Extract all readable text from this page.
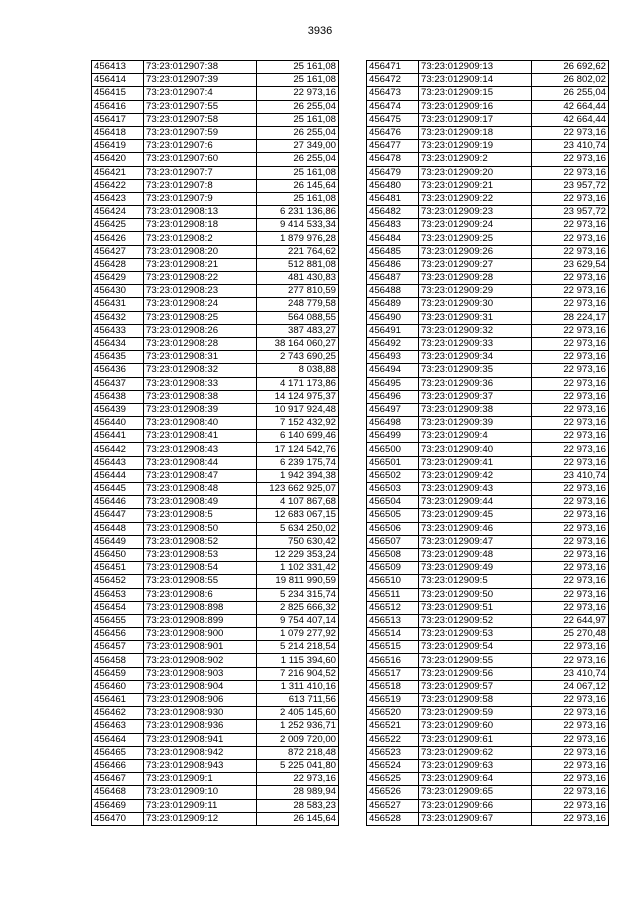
3936
456413	73:23:012907:38	25 161,08
456414	73:23:012907:39	25 161,08
456415	73:23:012907:4	22 973,16
456416	73:23:012907:55	26 255,04
456417	73:23:012907:58	25 161,08
456418	73:23:012907:59	26 255,04
456419	73:23:012907:6	27 349,00
456420	73:23:012907:60	26 255,04
456421	73:23:012907:7	25 161,08
456422	73:23:012907:8	26 145,64
456423	73:23:012907:9	25 161,08
456424	73:23:012908:13	6 231 136,86
456425	73:23:012908:18	9 414 533,34
456426	73:23:012908:2	1 879 976,28
456427	73:23:012908:20	221 764,62
456428	73:23:012908:21	512 881,08
456429	73:23:012908:22	481 430,83
456430	73:23:012908:23	277 810,59
456431	73:23:012908:24	248 779,58
456432	73:23:012908:25	564 088,55
456433	73:23:012908:26	387 483,27
456434	73:23:012908:28	38 164 060,27
456435	73:23:012908:31	2 743 690,25
456436	73:23:012908:32	8 038,88
456437	73:23:012908:33	4 171 173,86
456438	73:23:012908:38	14 124 975,37
456439	73:23:012908:39	10 917 924,48
456440	73:23:012908:40	7 152 432,92
456441	73:23:012908:41	6 140 699,46
456442	73:23:012908:43	17 124 542,76
456443	73:23:012908:44	6 239 175,74
456444	73:23:012908:47	1 942 394,38
456445	73:23:012908:48	123 662 925,07
456446	73:23:012908:49	4 107 867,68
456447	73:23:012908:5	12 683 067,15
456448	73:23:012908:50	5 634 250,02
456449	73:23:012908:52	750 630,42
456450	73:23:012908:53	12 229 353,24
456451	73:23:012908:54	1 102 331,42
456452	73:23:012908:55	19 811 990,59
456453	73:23:012908:6	5 234 315,74
456454	73:23:012908:898	2 825 666,32
456455	73:23:012908:899	9 754 407,14
456456	73:23:012908:900	1 079 277,92
456457	73:23:012908:901	5 214 218,54
456458	73:23:012908:902	1 115 394,60
456459	73:23:012908:903	7 216 904,52
456460	73:23:012908:904	1 311 410,16
456461	73:23:012908:906	613 711,56
456462	73:23:012908:930	2 405 145,60
456463	73:23:012908:936	1 252 936,71
456464	73:23:012908:941	2 009 720,00
456465	73:23:012908:942	872 218,48
456466	73:23:012908:943	5 225 041,80
456467	73:23:012909:1	22 973,16
456468	73:23:012909:10	28 989,94
456469	73:23:012909:11	28 583,23
456470	73:23:012909:12	26 145,64
456471	73:23:012909:13	26 692,62
456472	73:23:012909:14	26 802,02
456473	73:23:012909:15	26 255,04
456474	73:23:012909:16	42 664,44
456475	73:23:012909:17	42 664,44
456476	73:23:012909:18	22 973,16
456477	73:23:012909:19	23 410,74
456478	73:23:012909:2	22 973,16
456479	73:23:012909:20	22 973,16
456480	73:23:012909:21	23 957,72
456481	73:23:012909:22	22 973,16
456482	73:23:012909:23	23 957,72
456483	73:23:012909:24	22 973,16
456484	73:23:012909:25	22 973,16
456485	73:23:012909:26	22 973,16
456486	73:23:012909:27	23 629,54
456487	73:23:012909:28	22 973,16
456488	73:23:012909:29	22 973,16
456489	73:23:012909:30	22 973,16
456490	73:23:012909:31	28 224,17
456491	73:23:012909:32	22 973,16
456492	73:23:012909:33	22 973,16
456493	73:23:012909:34	22 973,16
456494	73:23:012909:35	22 973,16
456495	73:23:012909:36	22 973,16
456496	73:23:012909:37	22 973,16
456497	73:23:012909:38	22 973,16
456498	73:23:012909:39	22 973,16
456499	73:23:012909:4	22 973,16
456500	73:23:012909:40	22 973,16
456501	73:23:012909:41	22 973,16
456502	73:23:012909:42	23 410,74
456503	73:23:012909:43	22 973,16
456504	73:23:012909:44	22 973,16
456505	73:23:012909:45	22 973,16
456506	73:23:012909:46	22 973,16
456507	73:23:012909:47	22 973,16
456508	73:23:012909:48	22 973,16
456509	73:23:012909:49	22 973,16
456510	73:23:012909:5	22 973,16
456511	73:23:012909:50	22 973,16
456512	73:23:012909:51	22 973,16
456513	73:23:012909:52	22 644,97
456514	73:23:012909:53	25 270,48
456515	73:23:012909:54	22 973,16
456516	73:23:012909:55	22 973,16
456517	73:23:012909:56	23 410,74
456518	73:23:012909:57	24 067,12
456519	73:23:012909:58	22 973,16
456520	73:23:012909:59	22 973,16
456521	73:23:012909:60	22 973,16
456522	73:23:012909:61	22 973,16
456523	73:23:012909:62	22 973,16
456524	73:23:012909:63	22 973,16
456525	73:23:012909:64	22 973,16
456526	73:23:012909:65	22 973,16
456527	73:23:012909:66	22 973,16
456528	73:23:012909:67	22 973,16
